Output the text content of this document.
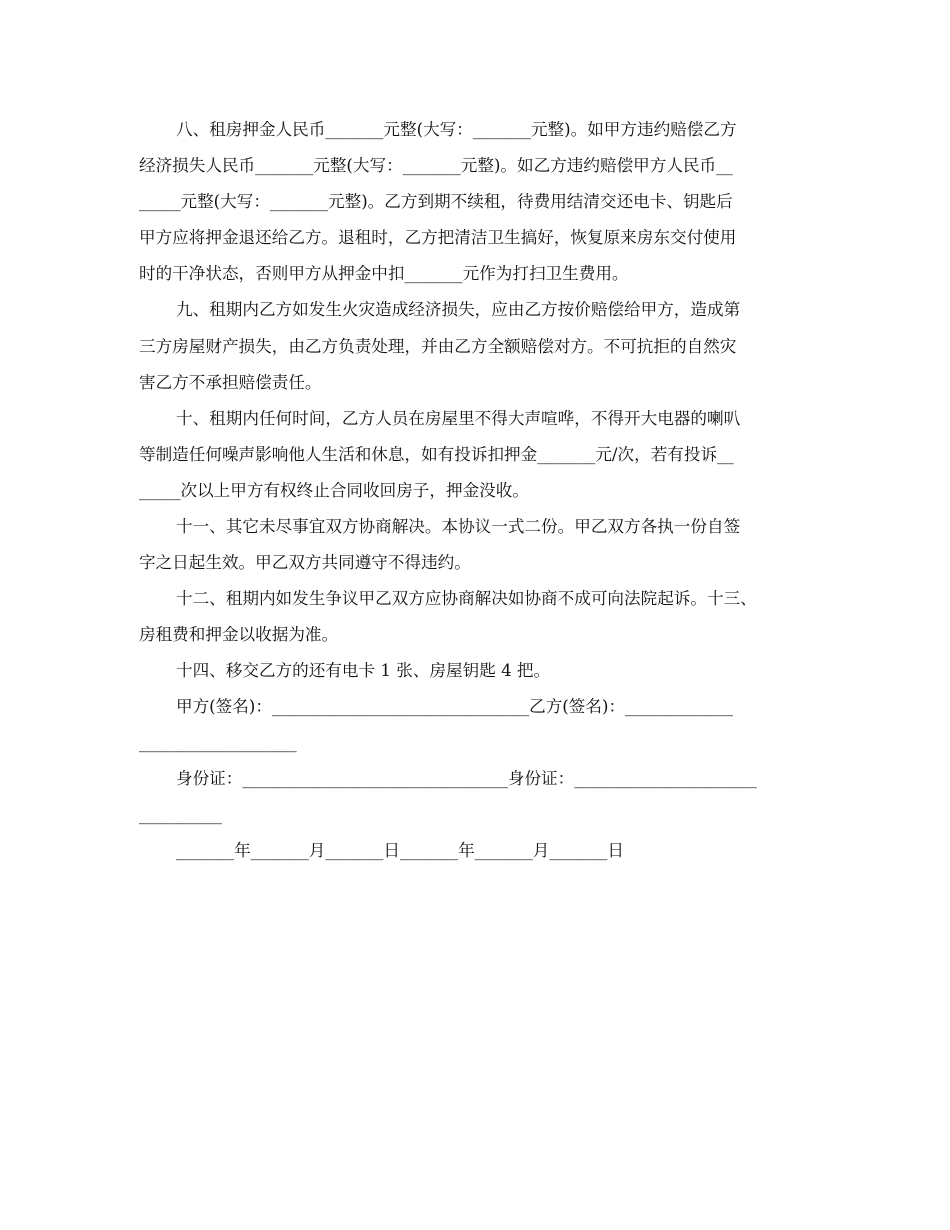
八、租房押金人民币_______元整(大写：_______元整)。如甲方违约赔偿乙方
经济损失人民币_______元整(大写：_______元整)。如乙方违约赔偿甲方人民币__
_____元整(大写：_______元整)。乙方到期不续租，待费用结清交还电卡、钥匙后
甲方应将押金退还给乙方。退租时，乙方把清洁卫生搞好，恢复原来房东交付使用
时的干净状态，否则甲方从押金中扣_______元作为打扫卫生费用。
九、租期内乙方如发生火灾造成经济损失，应由乙方按价赔偿给甲方，造成第
三方房屋财产损失，由乙方负责处理，并由乙方全额赔偿对方。不可抗拒的自然灾
害乙方不承担赔偿责任。
十、租期内任何时间，乙方人员在房屋里不得大声喧哗，不得开大电器的喇叭
等制造任何噪声影响他人生活和休息，如有投诉扣押金_______元/次，若有投诉__
_____次以上甲方有权终止合同收回房子，押金没收。
十一、其它未尽事宜双方协商解决。本协议一式二份。甲乙双方各执一份自签
字之日起生效。甲乙双方共同遵守不得违约。
十二、租期内如发生争议甲乙双方应协商解决如协商不成可向法院起诉。十三、
房租费和押金以收据为准。
十四、移交乙方的还有电卡 1 张、房屋钥匙 4 把。
甲方(签名)：_______________________________乙方(签名)：_____________
___________________
身份证：________________________________身份证：______________________
__________
_______年_______月_______日_______年_______月_______日
